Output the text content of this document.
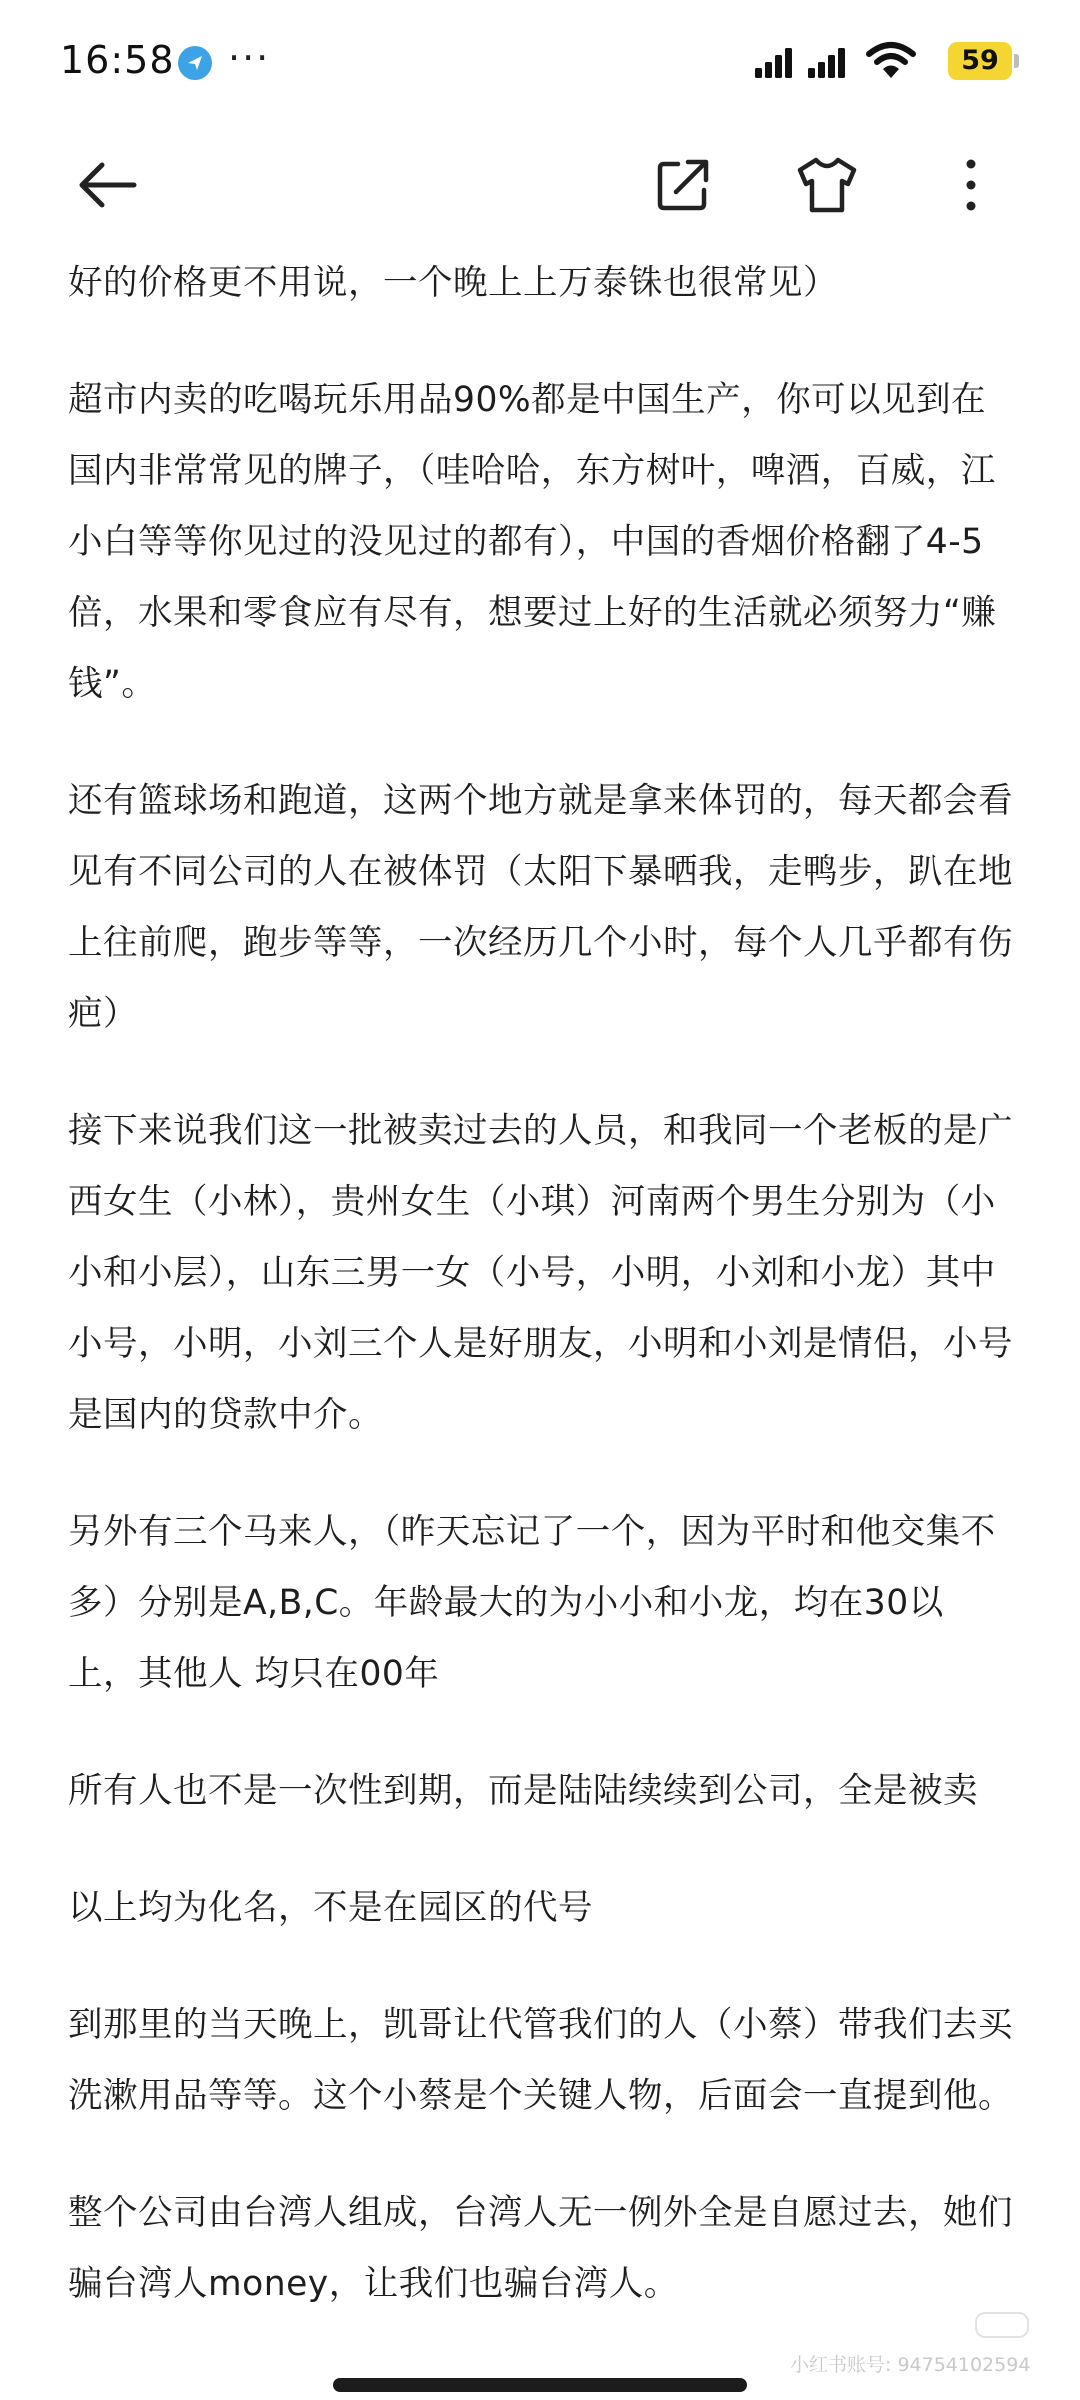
16:58 ···	59

好的价格更不用说，一个晚上上万泰铢也很常见）

超市内卖的吃喝玩乐用品90%都是中国生产，你可以见到在国内非常常见的牌子，（哇哈哈，东方树叶，啤酒，百威，江小白等等你见过的没见过的都有），中国的香烟价格翻了4-5倍，水果和零食应有尽有，想要过上好的生活就必须努力“赚钱”。

还有篮球场和跑道，这两个地方就是拿来体罚的，每天都会看见有不同公司的人在被体罚（太阳下暴晒我，走鸭步，趴在地上往前爬，跑步等等，一次经历几个小时，每个人几乎都有伤疤）

接下来说我们这一批被卖过去的人员，和我同一个老板的是广西女生（小林），贵州女生（小琪）河南两个男生分别为（小小和小层），山东三男一女（小号，小明，小刘和小龙）其中小号，小明，小刘三个人是好朋友，小明和小刘是情侣，小号是国内的贷款中介。

另外有三个马来人，（昨天忘记了一个，因为平时和他交集不多）分别是A,B,C。年龄最大的为小小和小龙，均在30以上，其他人 均只在00年

所有人也不是一次性到期，而是陆陆续续到公司，全是被卖

以上均为化名，不是在园区的代号

到那里的当天晚上，凯哥让代管我们的人（小蔡）带我们去买洗漱用品等等。这个小蔡是个关键人物，后面会一直提到他。

整个公司由台湾人组成，台湾人无一例外全是自愿过去，她们骗台湾人money，让我们也骗台湾人。

小红书账号: 94754102594
